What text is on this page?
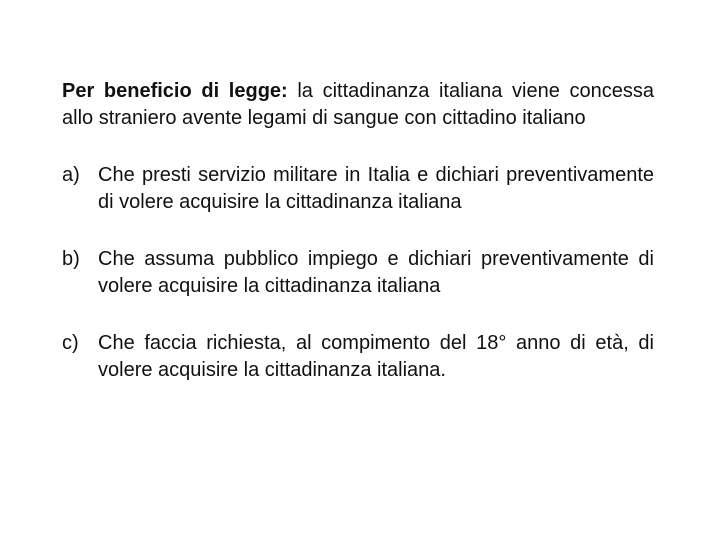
Per beneficio di legge: la cittadinanza italiana viene concessa allo straniero avente legami di sangue con cittadino italiano

a) Che presti servizio militare in Italia e dichiari preventivamente di volere acquisire la cittadinanza italiana
b) Che assuma pubblico impiego e dichiari preventivamente di volere acquisire la cittadinanza italiana
c) Che faccia richiesta, al compimento del 18° anno di età, di volere acquisire la cittadinanza italiana.
